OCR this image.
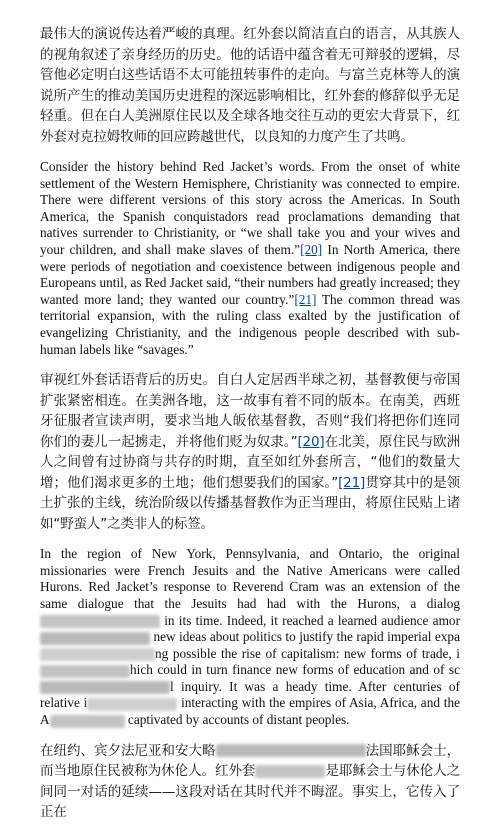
最伟大的演说传达着严峻的真理。红外套以简洁直白的语言，从其族人的视角叙述了亲身经历的历史。他的话语中蕴含着无可辩驳的逻辑，尽管他必定明白这些话语不太可能扭转事件的走向。与富兰克林等人的演说所产生的推动美国历史进程的深远影响相比，红外套的修辞似乎无足轻重。但在白人美洲原住民以及全球各地交往互动的更宏大背景下，红外套对克拉姆牧师的回应跨越世代，以良知的力度产生了共鸣。

Consider the history behind Red Jacket’s words. From the onset of white settlement of the Western Hemisphere, Christianity was connected to empire. There were different versions of this story across the Americas. In South America, the Spanish conquistadors read proclamations demanding that natives surrender to Christianity, or “we shall take you and your wives and your children, and shall make slaves of them.”[20] In North America, there were periods of negotiation and coexistence between indigenous people and Europeans until, as Red Jacket said, “their numbers had greatly increased; they wanted more land; they wanted our country.”[21] The common thread was territorial expansion, with the ruling class exalted by the justification of evangelizing Christianity, and the indigenous people described with sub-human labels like “savages.”

审视红外套话语背后的历史。自白人定居西半球之初，基督教便与帝国扩张紧密相连。在美洲各地，这一故事有着不同的版本。在南美，西班牙征服者宣读声明，要求当地人皈依基督教，否则“我们将把你们连同你们的妻儿一起掳走，并将他们贬为奴隶。”[20]在北美，原住民与欧洲人之间曾有过协商与共存的时期，直至如红外套所言，“他们的数量大增；他们渴求更多的土地；他们想要我们的国家。”[21]贯穿其中的是领土扩张的主线，统治阶级以传播基督教作为正当理由，将原住民贴上诸如“野蛮人”之类非人的标签。

In the region of New York, Pennsylvania, and Ontario, the original missionaries were French Jesuits and the Native Americans were called Hurons. Red Jacket’s response to Reverend Cram was an extension of the same dialogue that the Jesuits had had with the Hurons, a dialog in its time. Indeed, it reached a learned audience amor new ideas about politics to justify the rapid imperial expang possible the rise of capitalism: new forms of trade, ihich could in turn finance new forms of education and of scl inquiry. It was a heady time. After centuries of relative i	interacting with the empires of Asia, Africa, and the A	captivated by accounts of distant peoples.

在纽约、宾夕法尼亚和安大略	法国耶稣会士，而当地原住民被称为休伦人。红外套	是耶稣会士与休伦人之间同一对话的延续——这段对话在其时代并不晦涩。事实上，它传入了正在
